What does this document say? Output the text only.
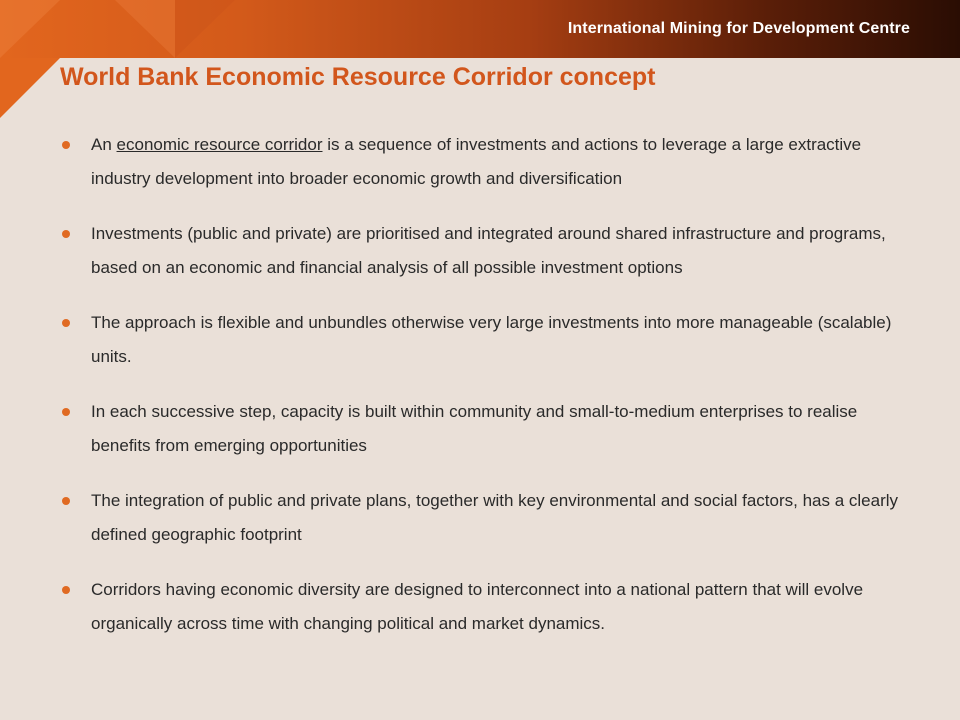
International Mining for Development Centre
World Bank Economic Resource Corridor concept
An economic resource corridor is a sequence of investments and actions to leverage a large extractive industry development into broader economic growth and diversification
Investments (public and private) are prioritised and integrated around shared infrastructure and programs, based on an economic and financial analysis of all possible investment options
The approach is flexible and unbundles otherwise very large investments into more manageable (scalable) units.
In each successive step, capacity is built within community and small-to-medium enterprises to realise benefits from emerging opportunities
The integration of public and private plans, together with key environmental and social factors, has a clearly defined geographic footprint
Corridors having economic diversity are designed to interconnect into a national pattern that will evolve organically across time with changing political and market dynamics.
